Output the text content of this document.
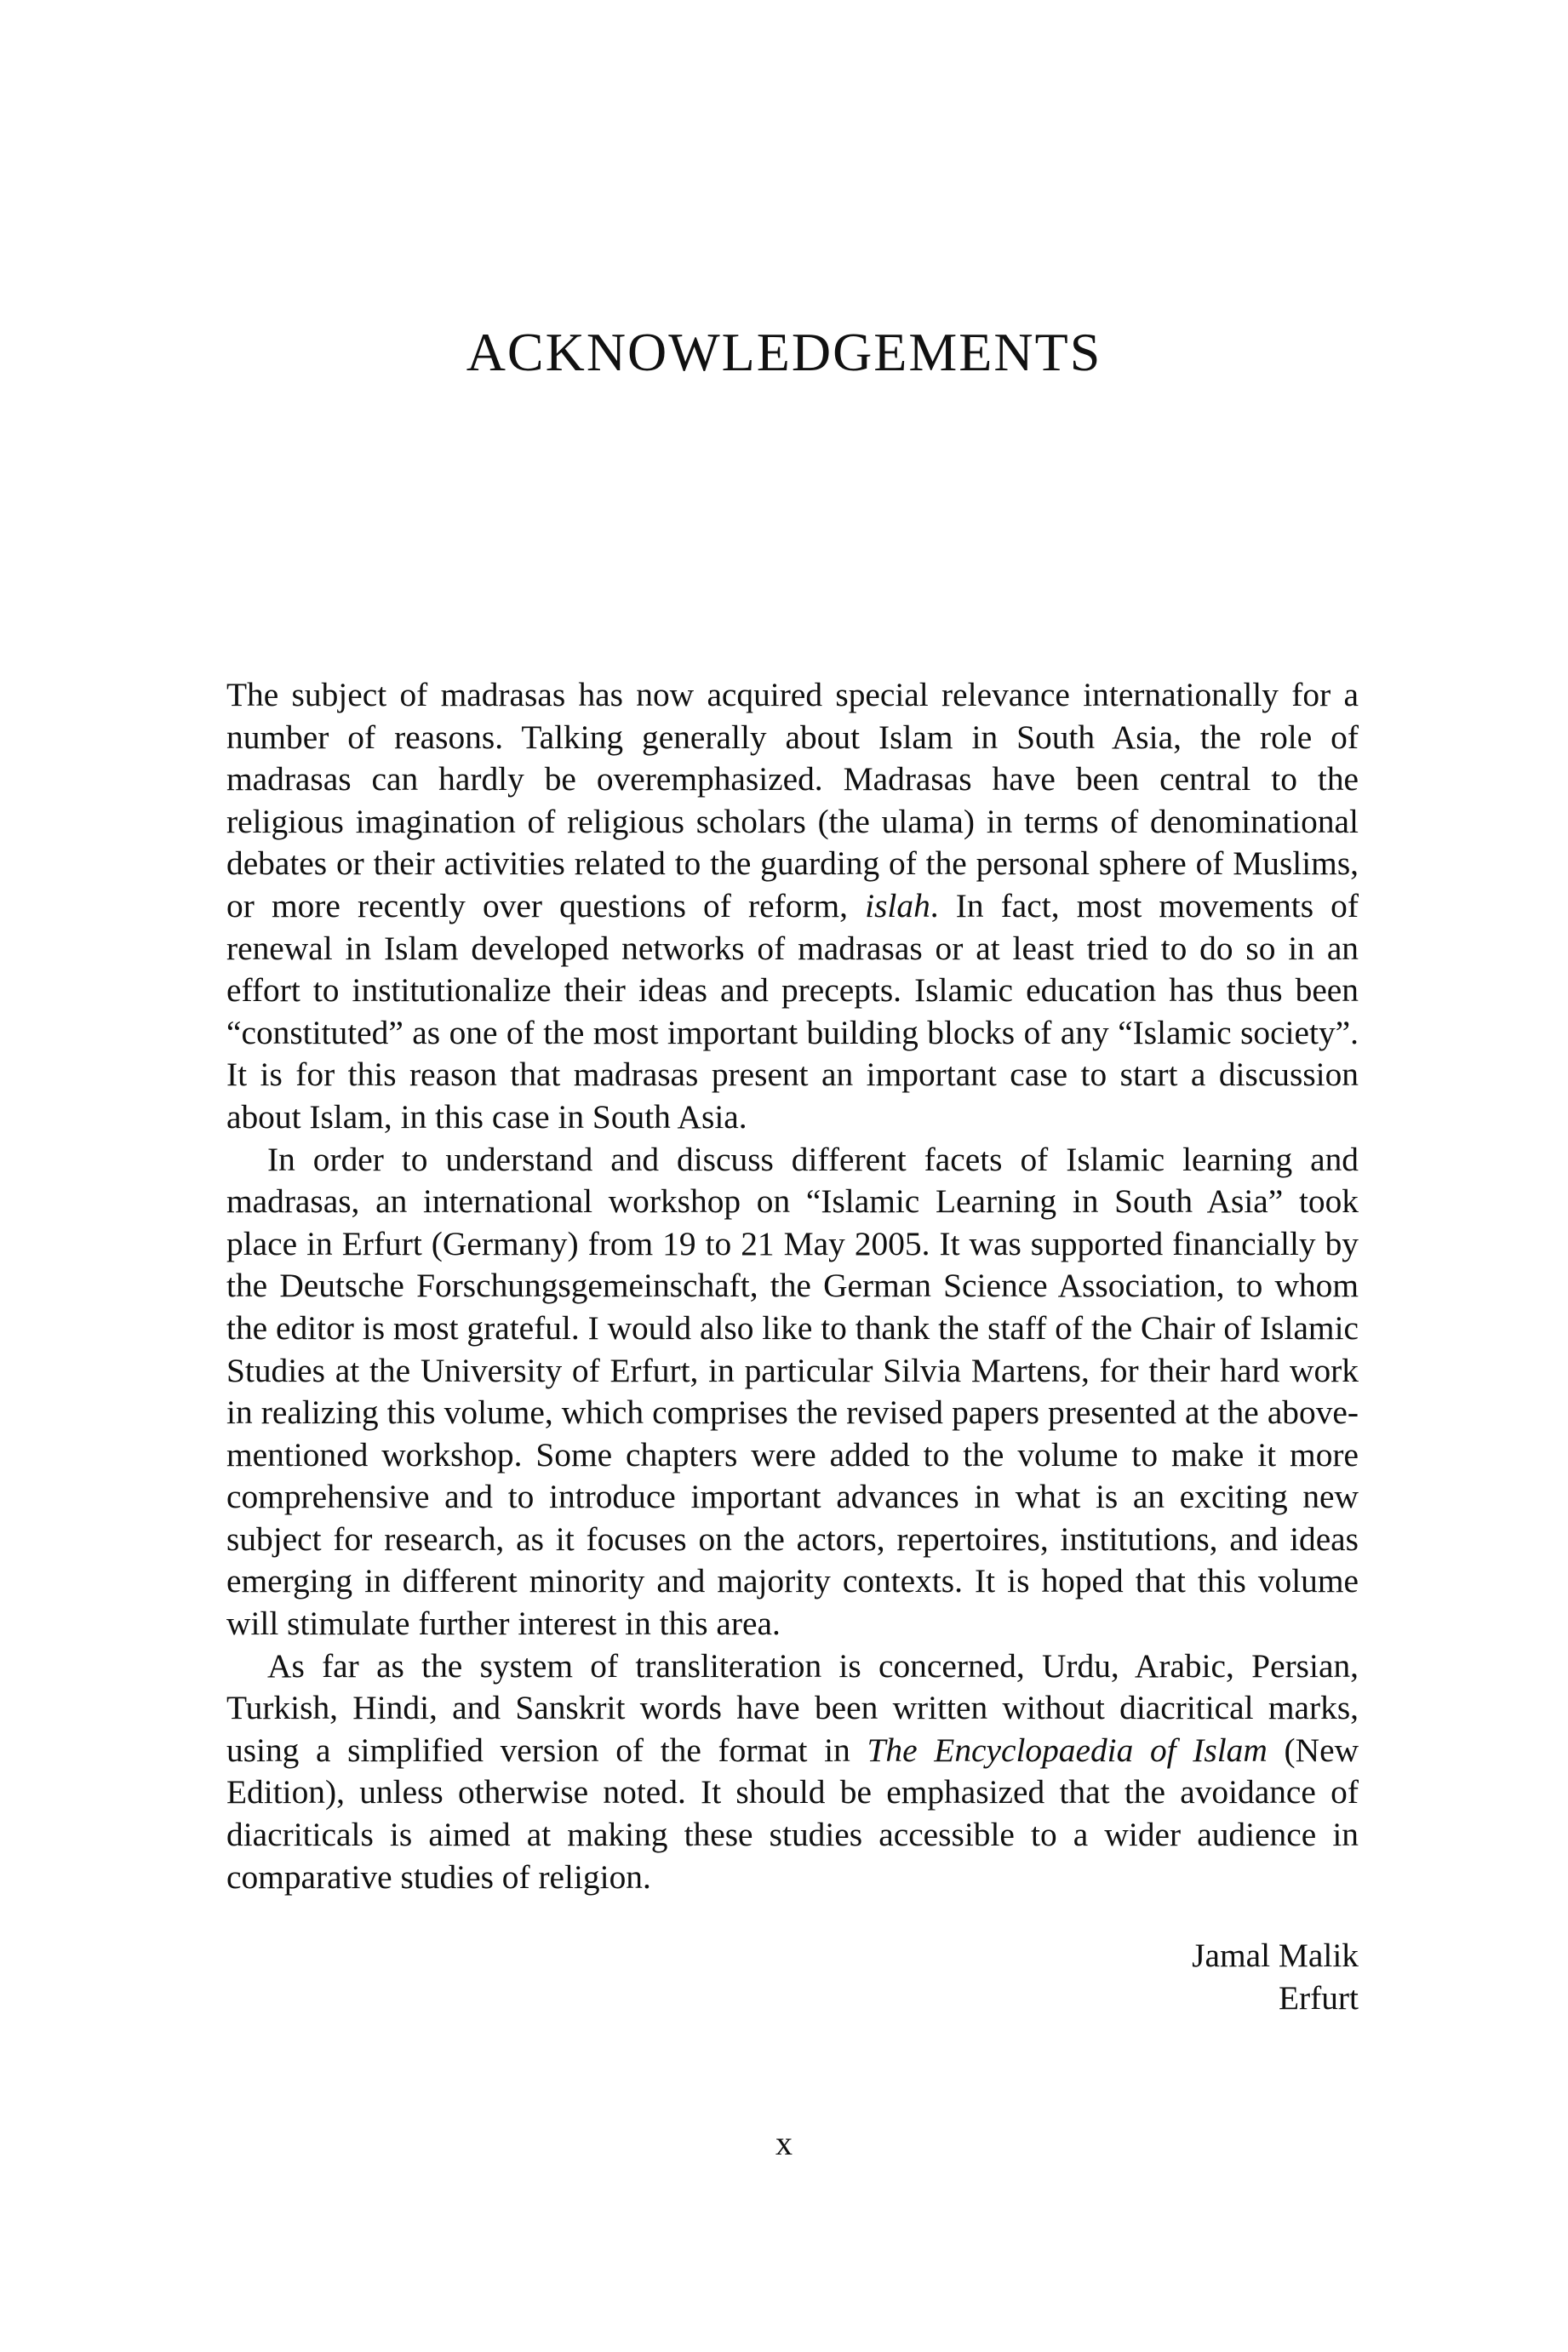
ACKNOWLEDGEMENTS

The subject of madrasas has now acquired special relevance internationally for a number of reasons. Talking generally about Islam in South Asia, the role of madrasas can hardly be overemphasized. Madrasas have been central to the religious imagination of religious scholars (the ulama) in terms of denominational debates or their activities related to the guarding of the personal sphere of Muslims, or more recently over questions of reform, islah. In fact, most movements of renewal in Islam developed networks of madrasas or at least tried to do so in an effort to institutionalize their ideas and precepts. Islamic education has thus been “constituted” as one of the most important building blocks of any “Islamic society”. It is for this reason that madrasas present an important case to start a discussion about Islam, in this case in South Asia.

In order to understand and discuss different facets of Islamic learning and madrasas, an international workshop on “Islamic Learning in South Asia” took place in Erfurt (Germany) from 19 to 21 May 2005. It was supported financially by the Deutsche Forschungsgemeinschaft, the German Science Association, to whom the editor is most grateful. I would also like to thank the staff of the Chair of Islamic Studies at the University of Erfurt, in particular Silvia Martens, for their hard work in realizing this volume, which comprises the revised papers presented at the above-mentioned workshop. Some chapters were added to the volume to make it more comprehensive and to introduce important advances in what is an exciting new subject for research, as it focuses on the actors, repertoires, institutions, and ideas emerging in different minority and majority contexts. It is hoped that this volume will stimulate further interest in this area.

As far as the system of transliteration is concerned, Urdu, Arabic, Persian, Turkish, Hindi, and Sanskrit words have been written without diacritical marks, using a simplified version of the format in The Encyclopaedia of Islam (New Edition), unless otherwise noted. It should be emphasized that the avoidance of diacriticals is aimed at making these studies accessible to a wider audience in comparative studies of religion.

Jamal Malik
Erfurt
x
